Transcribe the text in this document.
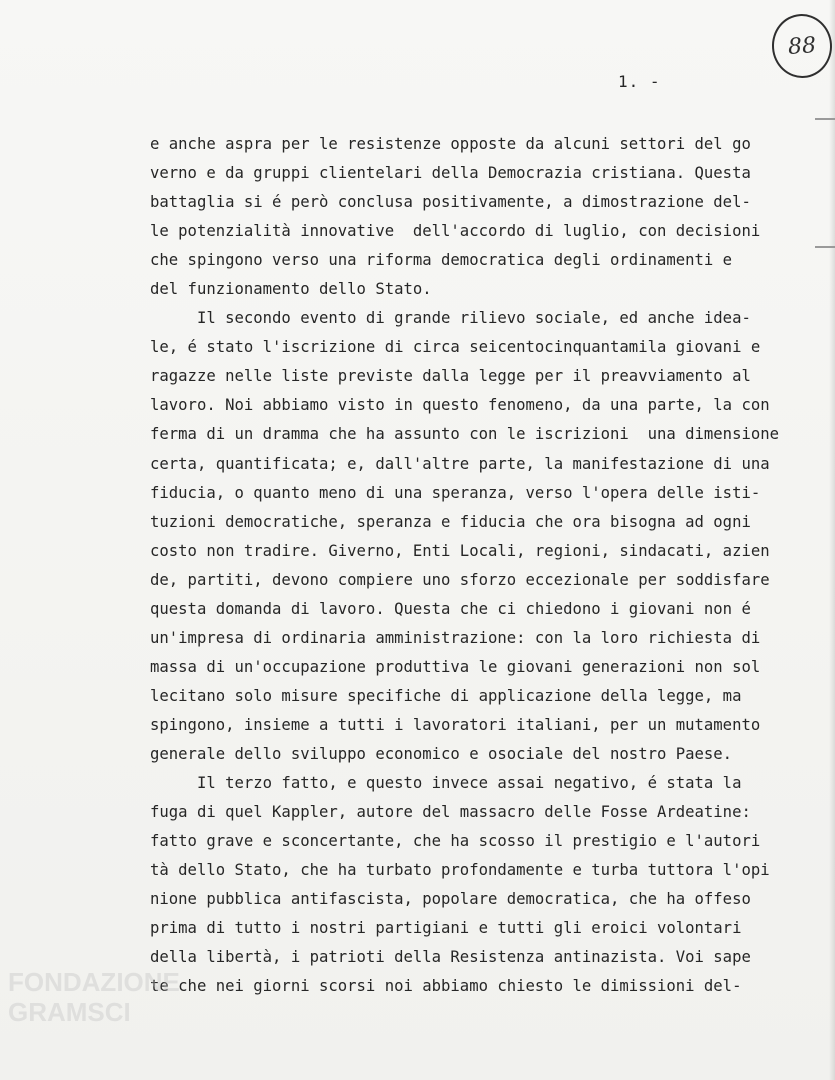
88
1. -
e anche aspra per le resistenze opposte da alcuni settori del go
verno e da gruppi clientelari della Democrazia cristiana. Questa
battaglia si é però conclusa positivamente, a dimostrazione del-
le potenzialità innovative  dell'accordo di luglio, con decisioni
che spingono verso una riforma democratica degli ordinamenti e
del funzionamento dello Stato.
Il secondo evento di grande rilievo sociale, ed anche idea-
le, é stato l'iscrizione di circa seicentocinquantamila giovani e
ragazze nelle liste previste dalla legge per il preavviamento al
lavoro. Noi abbiamo visto in questo fenomeno, da una parte, la con
ferma di un dramma che ha assunto con le iscrizioni  una dimensione
certa, quantificata; e, dall'altre parte, la manifestazione di una
fiducia, o quanto meno di una speranza, verso l'opera delle isti-
tuzioni democratiche, speranza e fiducia che ora bisogna ad ogni
costo non tradire. Giverno, Enti Locali, regioni, sindacati, azien
de, partiti, devono compiere uno sforzo eccezionale per soddisfare
questa domanda di lavoro. Questa che ci chiedono i giovani non é
un'impresa di ordinaria amministrazione: con la loro richiesta di
massa di un'occupazione produttiva le giovani generazioni non sol
lecitano solo misure specifiche di applicazione della legge, ma
spingono, insieme a tutti i lavoratori italiani, per un mutamento
generale dello sviluppo economico e osociale del nostro Paese.
Il terzo fatto, e questo invece assai negativo, é stata la
fuga di quel Kappler, autore del massacro delle Fosse Ardeatine:
fatto grave e sconcertante, che ha scosso il prestigio e l'autori
tà dello Stato, che ha turbato profondamente e turba tuttora l'opi
nione pubblica antifascista, popolare democratica, che ha offeso
prima di tutto i nostri partigiani e tutti gli eroici volontari
della libertà, i patrioti della Resistenza antinazista. Voi sape
te che nei giorni scorsi noi abbiamo chiesto le dimissioni del-
FONDAZIONE
GRAMSCI
